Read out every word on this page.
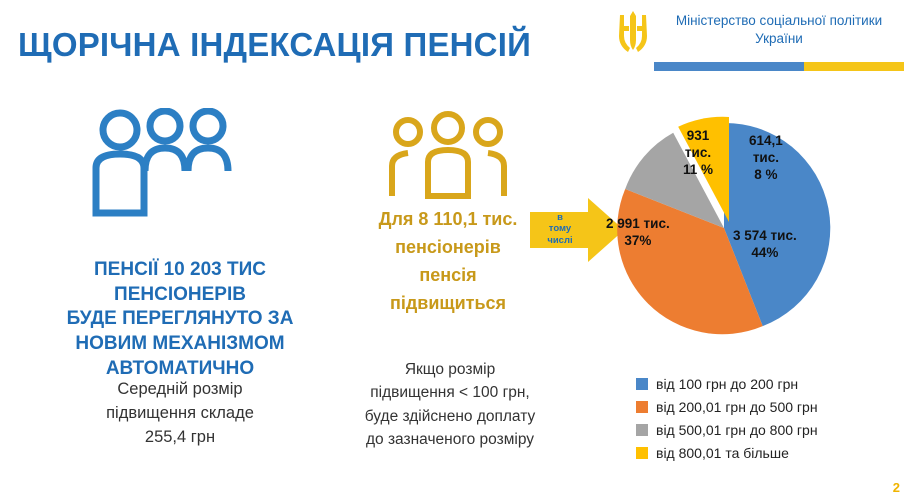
ЩОРІЧНА ІНДЕКСАЦІЯ ПЕНСІЙ
Міністерство соціальної політики
України
ПЕНСІЇ 10 203 ТИС
ПЕНСІОНЕРІВ
БУДЕ ПЕРЕГЛЯНУТО ЗА
НОВИМ МЕХАНІЗМОМ
АВТОМАТИЧНО
Середній розмір
підвищення складе
255,4 грн
Для 8 110,1 тис.
пенсіонерів
пенсія
підвищиться
Якщо розмір
підвищення < 100 грн,
буде здійснено доплату
до зазначеного розміру
в
тому
числі	3 574 тис.
44%
2 991 тис.
37%
931
тис.
11 %
614,1
тис.
8 %
від 100 грн до 200 грн
від 200,01 грн до 500 грн
від 500,01 грн до 800 грн
від 800,01 та більше
2
